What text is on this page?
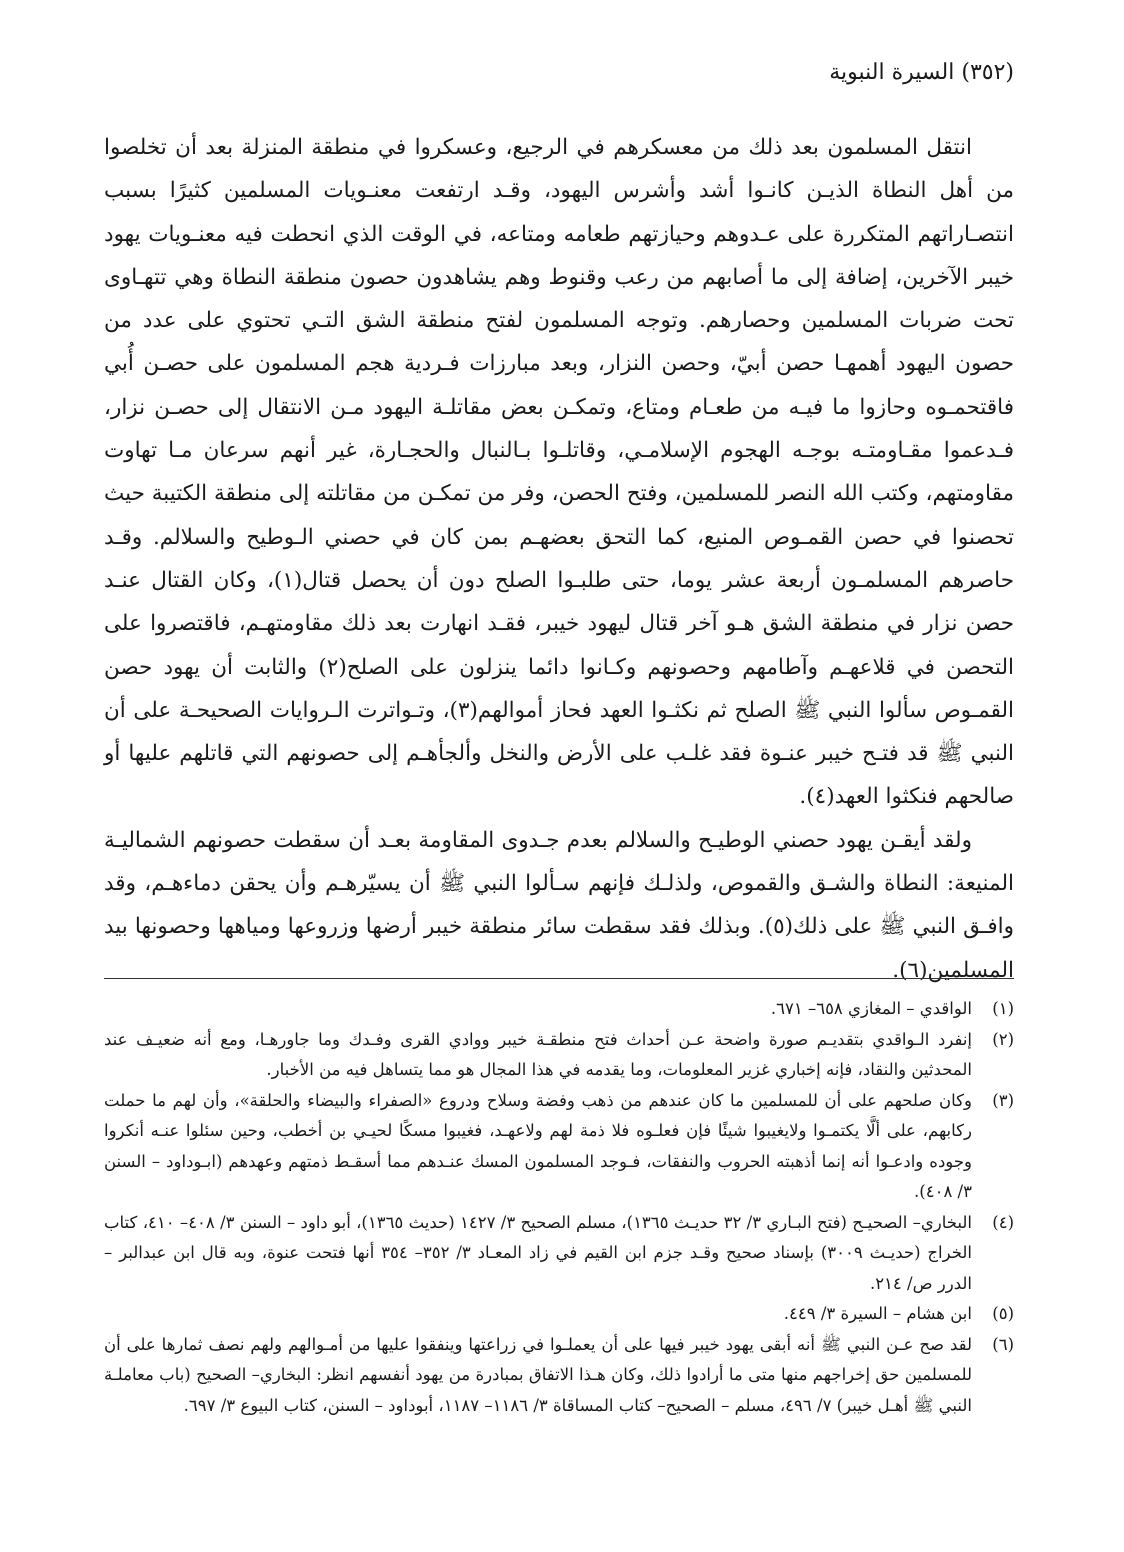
(٣٥٢) السيرة النبوية

انتقل المسلمون بعد ذلك من معسكرهم في الرجيع، وعسكروا في منطقة المنزلة بعد أن تخلصوا من أهل النطاة الذيـن كانـوا أشد وأشرس اليهود، وقـد ارتفعت معنـويات المسلمين كثيرًا بسبب انتصـاراتهم المتكررة على عـدوهم وحيازتهم طعامه ومتاعه، في الوقت الذي انحطت فيه معنـويات يهود خيبر الآخرين، إضافة إلى ما أصابهم من رعب وقنوط وهم يشاهدون حصون منطقة النطاة وهي تتهـاوى تحت ضربات المسلمين وحصارهم. وتوجه المسلمون لفتح منطقة الشق التـي تحتوي على عدد من حصون اليهود أهمهـا حصن أبيّ، وحصن النزار، وبعد مبارزات فـردية هجم المسلمون على حصـن أُبي فاقتحمـوه وحازوا ما فيـه من طعـام ومتاع، وتمكـن بعض مقاتلـة اليهود مـن الانتقال إلى حصـن نزار، فـدعموا مقـاومتـه بوجـه الهجوم الإسلامـي، وقاتلـوا بـالنبال والحجـارة، غير أنهم سرعان مـا تهاوت مقاومتهم، وكتب الله النصر للمسلمين، وفتح الحصن، وفر من تمكـن من مقاتلته إلى منطقة الكتيبة حيث تحصنوا في حصن القمـوص المنيع، كما التحق بعضهـم بمن كان في حصني الـوطيح والسلالم. وقـد حاصرهم المسلمـون أربعة عشر يوما، حتى طلبـوا الصلح دون أن يحصل قتال(١)، وكان القتال عنـد حصن نزار في منطقة الشق هـو آخر قتال ليهود خيبر، فقـد انهارت بعد ذلك مقاومتهـم، فاقتصروا على التحصن في قلاعهـم وآطامهم وحصونهم وكـانوا دائما ينزلون على الصلح(٢) والثابت أن يهود حصن القمـوص سألوا النبي ﷺ الصلح ثم نكثـوا العهد فحاز أموالهم(٣)، وتـواترت الـروايات الصحيحـة على أن النبي ﷺ قد فتـح خيبر عنـوة فقد غلـب على الأرض والنخل وألجأهـم إلى حصونهم التي قاتلهم عليها أو صالحهم فنكثوا العهد(٤).

ولقد أيقـن يهود حصني الوطيـح والسلالم بعدم جـدوى المقاومة بعـد أن سقطت حصونهم الشماليـة المنيعة: النطاة والشـق والقموص، ولذلـك فإنهم سـألوا النبي ﷺ أن يسيّرهـم وأن يحقن دماءهـم، وقد وافـق النبي ﷺ على ذلك(٥). وبذلك فقد سقطت سائر منطقة خيبر أرضها وزروعها ومياهها وحصونها بيد المسلمين(٦).

(١)
الواقدي – المغازي ٦٥٨– ٦٧١.
(٢)
إنفرد الـواقدي بتقديـم صورة واضحة عـن أحداث فتح منطقـة خيبر ووادي القرى وفـدك وما جاورهـا، ومع أنه ضعيـف عند المحدثين والنقاد، فإنه إخباري غزير المعلومات، وما يقدمه في هذا المجال هو مما يتساهل فيه من الأخبار.
(٣)
وكان صلحهم على أن للمسلمين ما كان عندهم من ذهب وفضة وسلاح ودروع «الصفراء والبيضاء والحلقة»، وأن لهم ما حملت ركابهم، على ألَّا يكتمـوا ولايغيبوا شيئًا فإن فعلـوه فلا ذمة لهم ولاعهـد، فغيبوا مسكًا لحيـي بن أخطب، وحين سئلوا عنـه أنكروا وجوده وادعـوا أنه إنما أذهبته الحروب والنفقات، فـوجد المسلمون المسك عنـدهم مما أسقـط ذمتهم وعهدهم (ابـوداود – السنن ٣/ ٤٠٨).
(٤)
البخاري– الصحيـح (فتح البـاري ٣/ ٣٢ حديـث ١٣٦٥)، مسلم الصحيح ٣/ ١٤٢٧ (حديث ١٣٦٥)، أبو داود – السنن ٣/ ٤٠٨– ٤١٠، كتاب الخراج (حديـث ٣٠٠٩) بإسناد صحيح وقـد جزم ابن القيم في زاد المعـاد ٣/ ٣٥٢– ٣٥٤ أنها فتحت عنوة، وبه قال ابن عبدالبر – الدرر ص/ ٢١٤.
(٥)
ابن هشام – السيرة ٣/ ٤٤٩.
(٦)
لقد صح عـن النبي ﷺ أنه أبقى يهود خيبر فيها على أن يعملـوا في زراعتها وينفقوا عليها من أمـوالهم ولهم نصف ثمارها على أن للمسلمين حق إخراجهم منها متى ما أرادوا ذلك، وكان هـذا الاتفاق بمبادرة من يهود أنفسهم انظر: البخاري– الصحيح (باب معاملـة النبي ﷺ أهـل خيبر) ٧/ ٤٩٦، مسلم – الصحيح– كتاب المساقاة ٣/ ١١٨٦– ١١٨٧، أبوداود – السنن، كتاب البيوع ٣/ ٦٩٧.
